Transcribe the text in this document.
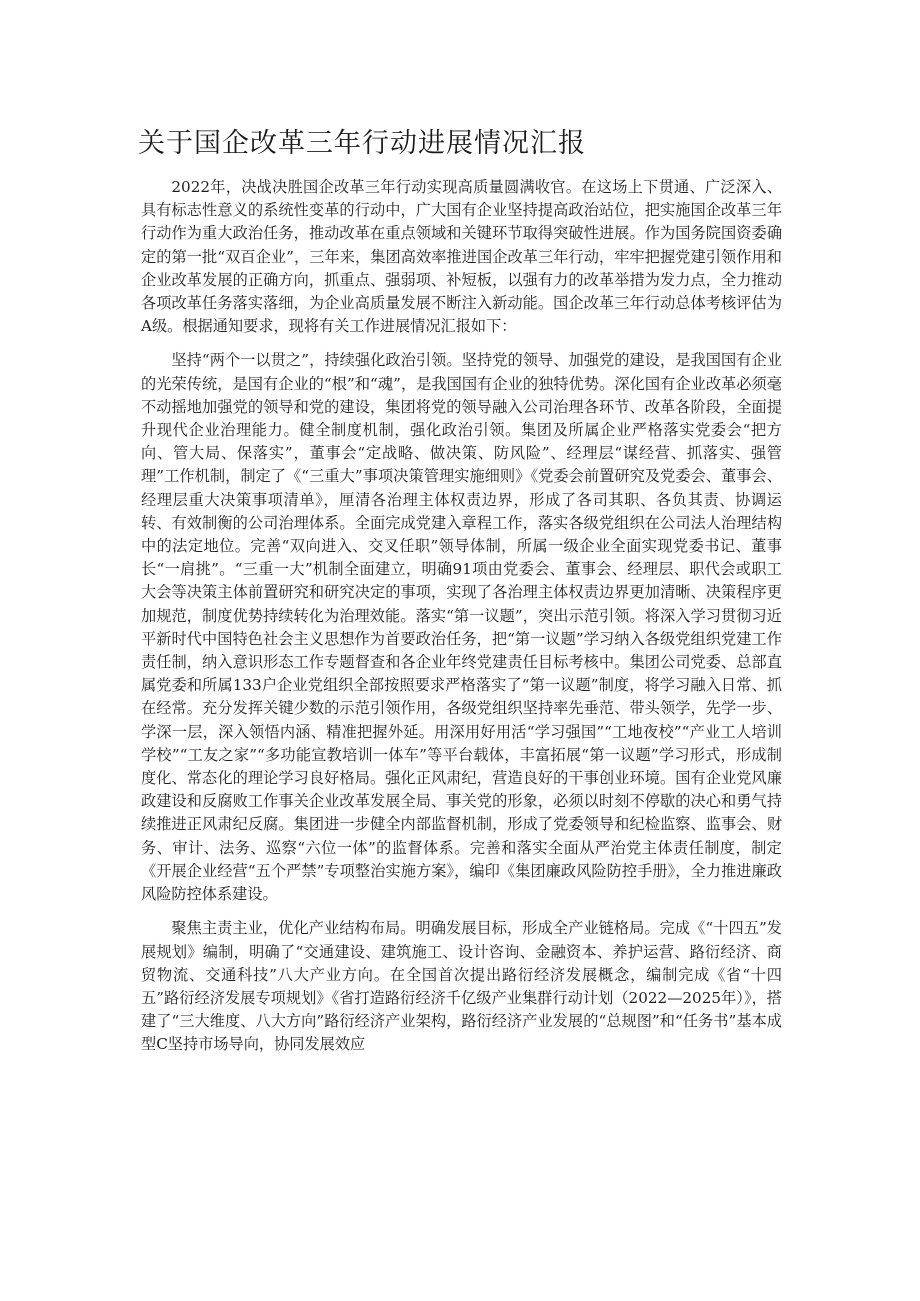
关于国企改革三年行动进展情况汇报

2022年，决战决胜国企改革三年行动实现高质量圆满收官。在这场上下贯通、广泛深入、具有标志性意义的系统性变革的行动中，广大国有企业坚持提高政治站位，把实施国企改革三年行动作为重大政治任务，推动改革在重点领域和关键环节取得突破性进展。作为国务院国资委确定的第一批“双百企业”，三年来，集团高效率推进国企改革三年行动，牢牢把握党建引领作用和企业改革发展的正确方向，抓重点、强弱项、补短板，以强有力的改革举措为发力点，全力推动各项改革任务落实落细，为企业高质量发展不断注入新动能。国企改革三年行动总体考核评估为A级。根据通知要求，现将有关工作进展情况汇报如下：

坚持“两个一以贯之”，持续强化政治引领。坚持党的领导、加强党的建设，是我国国有企业的光荣传统，是国有企业的“根”和“魂”，是我国国有企业的独特优势。深化国有企业改革必须毫不动摇地加强党的领导和党的建设，集团将党的领导融入公司治理各环节、改革各阶段，全面提升现代企业治理能力。健全制度机制，强化政治引领。集团及所属企业严格落实党委会“把方向、管大局、保落实”，董事会“定战略、做决策、防风险”、经理层“谋经营、抓落实、强管理”工作机制，制定了《“三重大”事项决策管理实施细则》《党委会前置研究及党委会、董事会、经理层重大决策事项清单》，厘清各治理主体权责边界，形成了各司其职、各负其责、协调运转、有效制衡的公司治理体系。全面完成党建入章程工作，落实各级党组织在公司法人治理结构中的法定地位。完善“双向进入、交叉任职”领导体制，所属一级企业全面实现党委书记、董事长“一肩挑”。“三重一大”机制全面建立，明确91项由党委会、董事会、经理层、职代会或职工大会等决策主体前置研究和研究决定的事项，实现了各治理主体权责边界更加清晰、决策程序更加规范，制度优势持续转化为治理效能。落实“第一议题”，突出示范引领。将深入学习贯彻习近平新时代中国特色社会主义思想作为首要政治任务，把“第一议题”学习纳入各级党组织党建工作责任制，纳入意识形态工作专题督查和各企业年终党建责任目标考核中。集团公司党委、总部直属党委和所属133户企业党组织全部按照要求严格落实了“第一议题”制度，将学习融入日常、抓在经常。充分发挥关键少数的示范引领作用，各级党组织坚持率先垂范、带头领学，先学一步、学深一层，深入领悟内涵、精准把握外延。用深用好用活“学习强国”“工地夜校”“产业工人培训学校”“工友之家”“多功能宣教培训一体车”等平台载体，丰富拓展“第一议题”学习形式，形成制度化、常态化的理论学习良好格局。强化正风肃纪，营造良好的干事创业环境。国有企业党风廉政建设和反腐败工作事关企业改革发展全局、事关党的形象，必须以时刻不停歇的决心和勇气持续推进正风肃纪反腐。集团进一步健全内部监督机制，形成了党委领导和纪检监察、监事会、财务、审计、法务、巡察“六位一体”的监督体系。完善和落实全面从严治党主体责任制度，制定《开展企业经营“五个严禁”专项整治实施方案》，编印《集团廉政风险防控手册》，全力推进廉政风险防控体系建设。

聚焦主责主业，优化产业结构布局。明确发展目标，形成全产业链格局。完成《“十四五”发展规划》编制，明确了“交通建设、建筑施工、设计咨询、金融资本、养护运营、路衍经济、商贸物流、交通科技”八大产业方向。在全国首次提出路衍经济发展概念，编制完成《省“十四五”路衍经济发展专项规划》《省打造路衍经济千亿级产业集群行动计划（2022—2025年）》，搭建了“三大维度、八大方向”路衍经济产业架构，路衍经济产业发展的“总规图”和“任务书”基本成型C坚持市场导向，协同发展效应
